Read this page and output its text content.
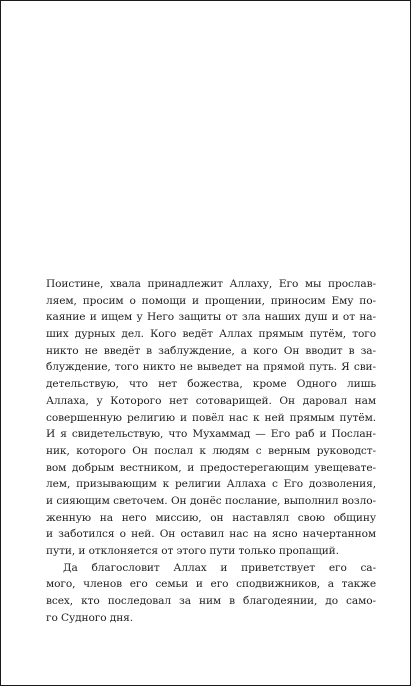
Поистине, хвала принадлежит Аллаху, Его мы прослав-
ляем, просим о помощи и прощении, приносим Ему по-
каяние и ищем у Него защиты от зла наших душ и от на-
ших дурных дел. Кого ведёт Аллах прямым путём, того
никто не введёт в заблуждение, а кого Он вводит в за-
блуждение, того никто не выведет на прямой путь. Я сви-
детельствую, что нет божества, кроме Одного лишь
Аллаха, у Которого нет сотоварищей. Он даровал нам
совершенную религию и повёл нас к ней прямым путём.
И я свидетельствую, что Мухаммад — Его раб и Послан-
ник, которого Он послал к людям с верным руководст-
вом добрым вестником, и предостерегающим увещевате-
лем, призывающим к религии Аллаха с Его дозволения,
и сияющим светочем. Он донёс послание, выполнил возло-
женную на него миссию, он наставлял свою общину
и заботился о ней. Он оставил нас на ясно начертанном
пути, и отклоняется от этого пути только пропащий.
Да благословит Аллах и приветствует его са-
мого, членов его семьи и его сподвижников, а также
всех, кто последовал за ним в благодеянии, до само-
го Судного дня.
